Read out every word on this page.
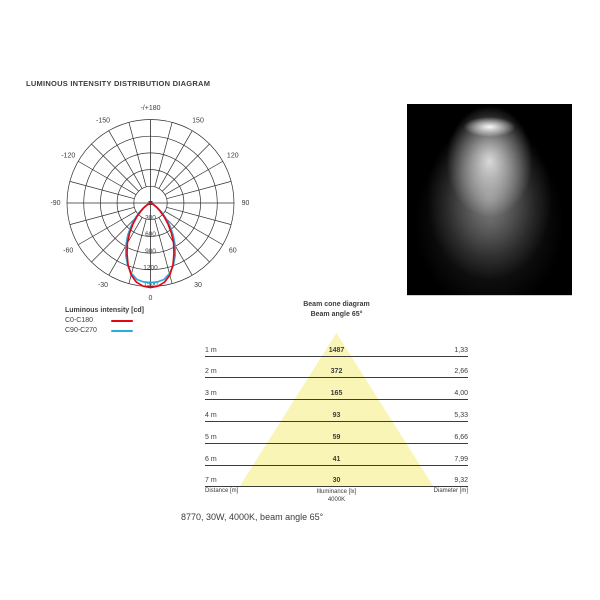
LUMINOUS INTENSITY DISTRIBUTION DIAGRAM
300
600
900
1200
1500
0
30
-30
60
-60
90
-90
120
-120
150
-150
-/+180
Luminous intensity [cd]
C0-C180
C90-C270
Beam cone diagram
Beam angle 65°
1 m	1487	1,33
2 m	372	2,66
3 m	165	4,00
4 m	93	5,33
5 m	59	6,66
6 m	41	7,99
7 m	30	9,32
Distance [m]	Illuminance [lx]
4000K
Diameter [m]
8770, 30W, 4000K, beam angle 65°
